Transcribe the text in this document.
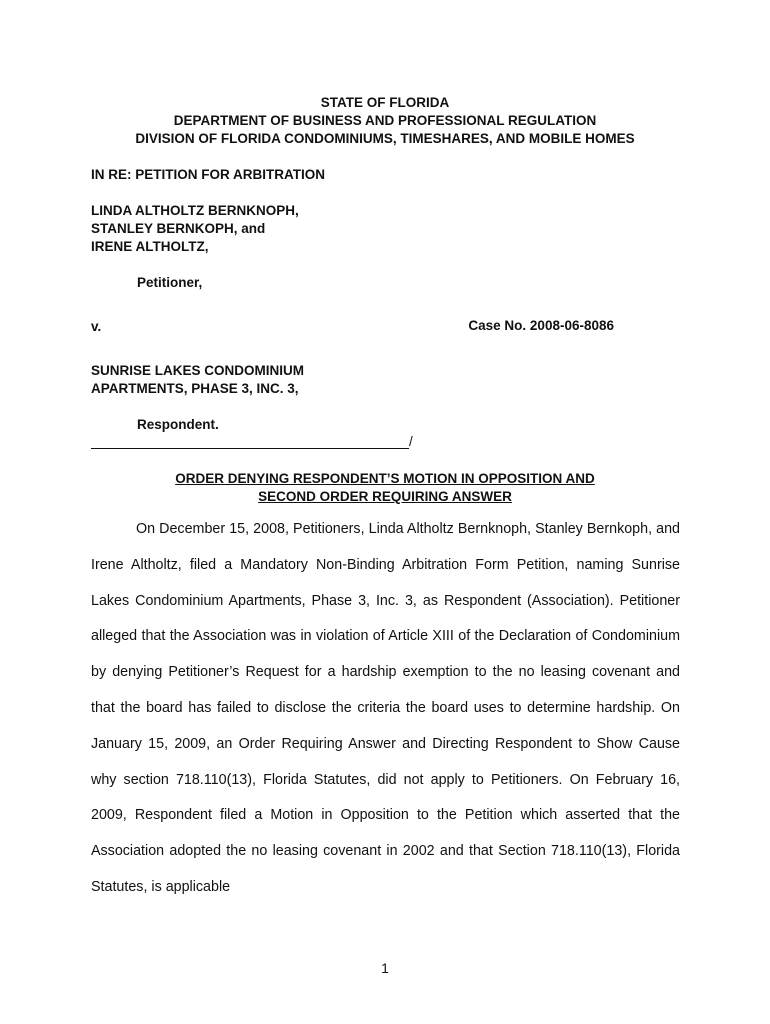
STATE OF FLORIDA
DEPARTMENT OF BUSINESS AND PROFESSIONAL REGULATION
DIVISION OF FLORIDA CONDOMINIUMS, TIMESHARES, AND MOBILE HOMES
IN RE: PETITION FOR ARBITRATION
LINDA ALTHOLTZ BERNKNOPH,
STANLEY BERNKOPH, and
IRENE ALTHOLTZ,
Petitioner,
v.	Case No. 2008-06-8086
SUNRISE LAKES CONDOMINIUM
APARTMENTS, PHASE 3, INC. 3,
Respondent.
/
ORDER DENYING RESPONDENT’S MOTION IN OPPOSITION AND
SECOND ORDER REQUIRING ANSWER

On December 15, 2008, Petitioners, Linda Altholtz Bernknoph, Stanley Bernkoph, and Irene Altholtz, filed a Mandatory Non-Binding Arbitration Form Petition, naming Sunrise Lakes Condominium Apartments, Phase 3, Inc. 3, as Respondent (Association). Petitioner alleged that the Association was in violation of Article XIII of the Declaration of Condominium by denying Petitioner’s Request for a hardship exemption to the no leasing covenant and that the board has failed to disclose the criteria the board uses to determine hardship. On January 15, 2009, an Order Requiring Answer and Directing Respondent to Show Cause why section 718.110(13), Florida Statutes, did not apply to Petitioners. On February 16, 2009, Respondent filed a Motion in Opposition to the Petition which asserted that the Association adopted the no leasing covenant in 2002 and that Section 718.110(13), Florida Statutes, is applicable

1
